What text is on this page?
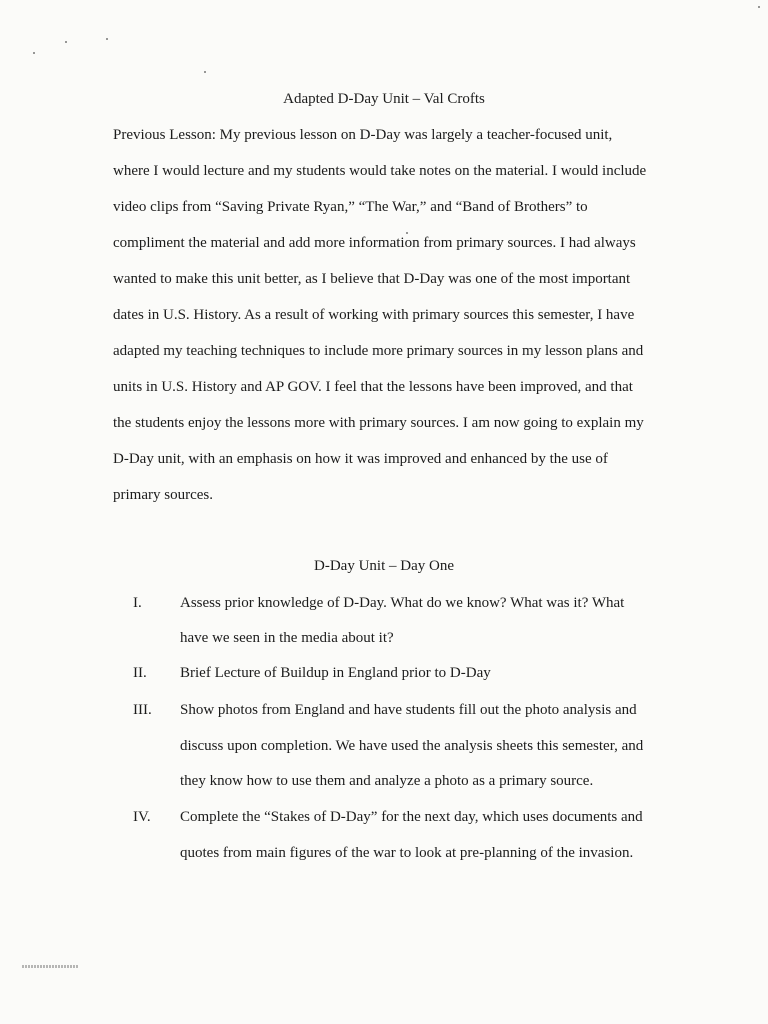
Adapted D-Day Unit – Val Crofts
Previous Lesson: My previous lesson on D-Day was largely a teacher-focused unit,
where I would lecture and my students would take notes on the material. I would include
video clips from “Saving Private Ryan,” “The War,” and “Band of Brothers” to
compliment the material and add more information from primary sources. I had always
wanted to make this unit better, as I believe that D-Day was one of the most important
dates in U.S. History. As a result of working with primary sources this semester, I have
adapted my teaching techniques to include more primary sources in my lesson plans and
units in U.S. History and AP GOV. I feel that the lessons have been improved, and that
the students enjoy the lessons more with primary sources. I am now going to explain my
D-Day unit, with an emphasis on how it was improved and enhanced by the use of
primary sources.
D-Day Unit – Day One
I.	Assess prior knowledge of D-Day. What do we know? What was it? What
have we seen in the media about it?
II. Brief Lecture of Buildup in England prior to D-Day
III. Show photos from England and have students fill out the photo analysis and
discuss upon completion. We have used the analysis sheets this semester, and
they know how to use them and analyze a photo as a primary source.
IV. Complete the “Stakes of D-Day” for the next day, which uses documents and
quotes from main figures of the war to look at pre-planning of the invasion.
